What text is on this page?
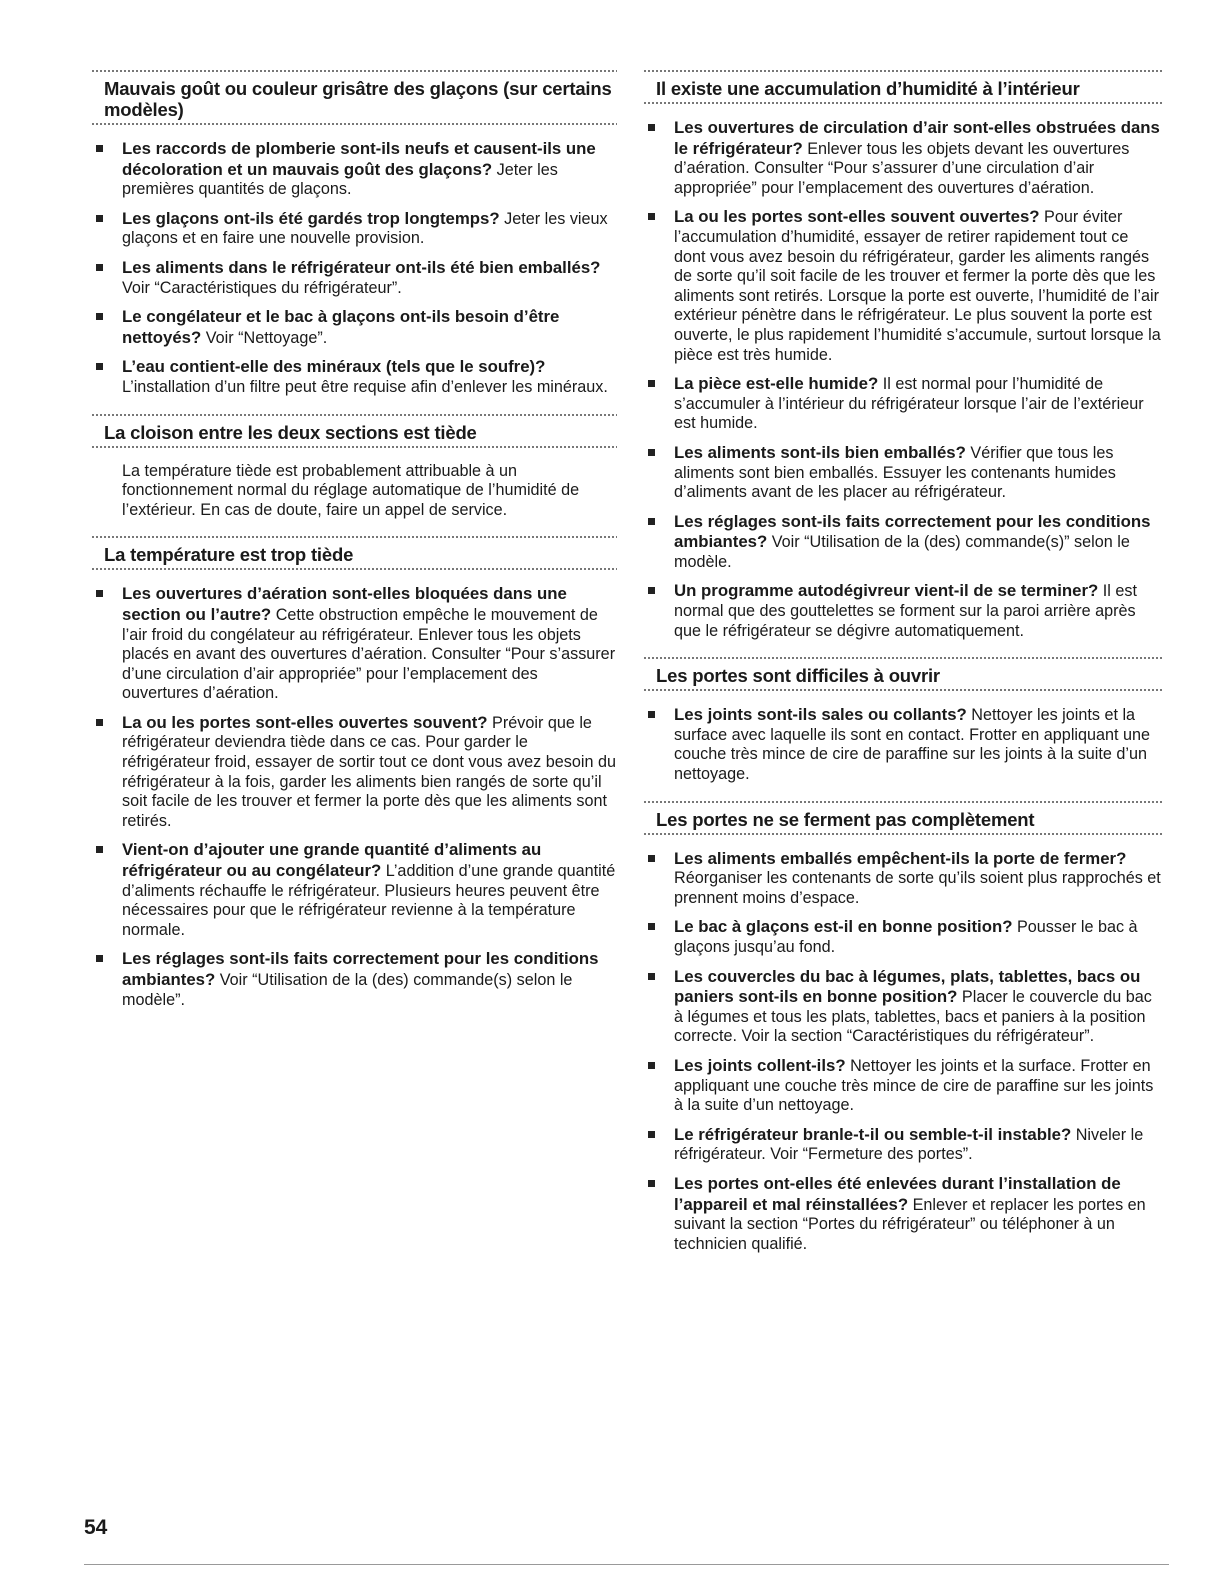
Mauvais goût ou couleur grisâtre des glaçons (sur certains modèles)
Les raccords de plomberie sont-ils neufs et causent-ils une décoloration et un mauvais goût des glaçons? Jeter les premières quantités de glaçons.
Les glaçons ont-ils été gardés trop longtemps? Jeter les vieux glaçons et en faire une nouvelle provision.
Les aliments dans le réfrigérateur ont-ils été bien emballés? Voir “Caractéristiques du réfrigérateur”.
Le congélateur et le bac à glaçons ont-ils besoin d’être nettoyés? Voir “Nettoyage”.
L’eau contient-elle des minéraux (tels que le soufre)? L’installation d’un filtre peut être requise afin d’enlever les minéraux.
La cloison entre les deux sections est tiède

La température tiède est probablement attribuable à un fonctionnement normal du réglage automatique de l’humidité de l’extérieur. En cas de doute, faire un appel de service.

La température est trop tiède
Les ouvertures d’aération sont-elles bloquées dans une section ou l’autre? Cette obstruction empêche le mouvement de l’air froid du congélateur au réfrigérateur. Enlever tous les objets placés en avant des ouvertures d’aération. Consulter “Pour s’assurer d’une circulation d’air appropriée” pour l’emplacement des ouvertures d’aération.
La ou les portes sont-elles ouvertes souvent? Prévoir que le réfrigérateur deviendra tiède dans ce cas. Pour garder le réfrigérateur froid, essayer de sortir tout ce dont vous avez besoin du réfrigérateur à la fois, garder les aliments bien rangés de sorte qu’il soit facile de les trouver et fermer la porte dès que les aliments sont retirés.
Vient-on d’ajouter une grande quantité d’aliments au réfrigérateur ou au congélateur? L’addition d’une grande quantité d’aliments réchauffe le réfrigérateur. Plusieurs heures peuvent être nécessaires pour que le réfrigérateur revienne à la température normale.
Les réglages sont-ils faits correctement pour les conditions ambiantes? Voir “Utilisation de la (des) commande(s) selon le modèle”.
Il existe une accumulation d’humidité à l’intérieur
Les ouvertures de circulation d’air sont-elles obstruées dans le réfrigérateur? Enlever tous les objets devant les ouvertures d’aération. Consulter “Pour s’assurer d’une circulation d’air appropriée” pour l’emplacement des ouvertures d’aération.
La ou les portes sont-elles souvent ouvertes? Pour éviter l’accumulation d’humidité, essayer de retirer rapidement tout ce dont vous avez besoin du réfrigérateur, garder les aliments rangés de sorte qu’il soit facile de les trouver et fermer la porte dès que les aliments sont retirés. Lorsque la porte est ouverte, l’humidité de l’air extérieur pénètre dans le réfrigérateur. Le plus souvent la porte est ouverte, le plus rapidement l’humidité s’accumule, surtout lorsque la pièce est très humide.
La pièce est-elle humide? Il est normal pour l’humidité de s’accumuler à l’intérieur du réfrigérateur lorsque l’air de l’extérieur est humide.
Les aliments sont-ils bien emballés? Vérifier que tous les aliments sont bien emballés. Essuyer les contenants humides d’aliments avant de les placer au réfrigérateur.
Les réglages sont-ils faits correctement pour les conditions ambiantes? Voir “Utilisation de la (des) commande(s)” selon le modèle.
Un programme autodégivreur vient-il de se terminer? Il est normal que des gouttelettes se forment sur la paroi arrière après que le réfrigérateur se dégivre automatiquement.
Les portes sont difficiles à ouvrir
Les joints sont-ils sales ou collants? Nettoyer les joints et la surface avec laquelle ils sont en contact. Frotter en appliquant une couche très mince de cire de paraffine sur les joints à la suite d’un nettoyage.
Les portes ne se ferment pas complètement
Les aliments emballés empêchent-ils la porte de fermer? Réorganiser les contenants de sorte qu’ils soient plus rapprochés et prennent moins d’espace.
Le bac à glaçons est-il en bonne position? Pousser le bac à glaçons jusqu’au fond.
Les couvercles du bac à légumes, plats, tablettes, bacs ou paniers sont-ils en bonne position? Placer le couvercle du bac à légumes et tous les plats, tablettes, bacs et paniers à la position correcte. Voir la section “Caractéristiques du réfrigérateur”.
Les joints collent-ils? Nettoyer les joints et la surface. Frotter en appliquant une couche très mince de cire de paraffine sur les joints à la suite d’un nettoyage.
Le réfrigérateur branle-t-il ou semble-t-il instable? Niveler le réfrigérateur. Voir “Fermeture des portes”.
Les portes ont-elles été enlevées durant l’installation de l’appareil et mal réinstallées? Enlever et replacer les portes en suivant la section “Portes du réfrigérateur” ou téléphoner à un technicien qualifié.
54
